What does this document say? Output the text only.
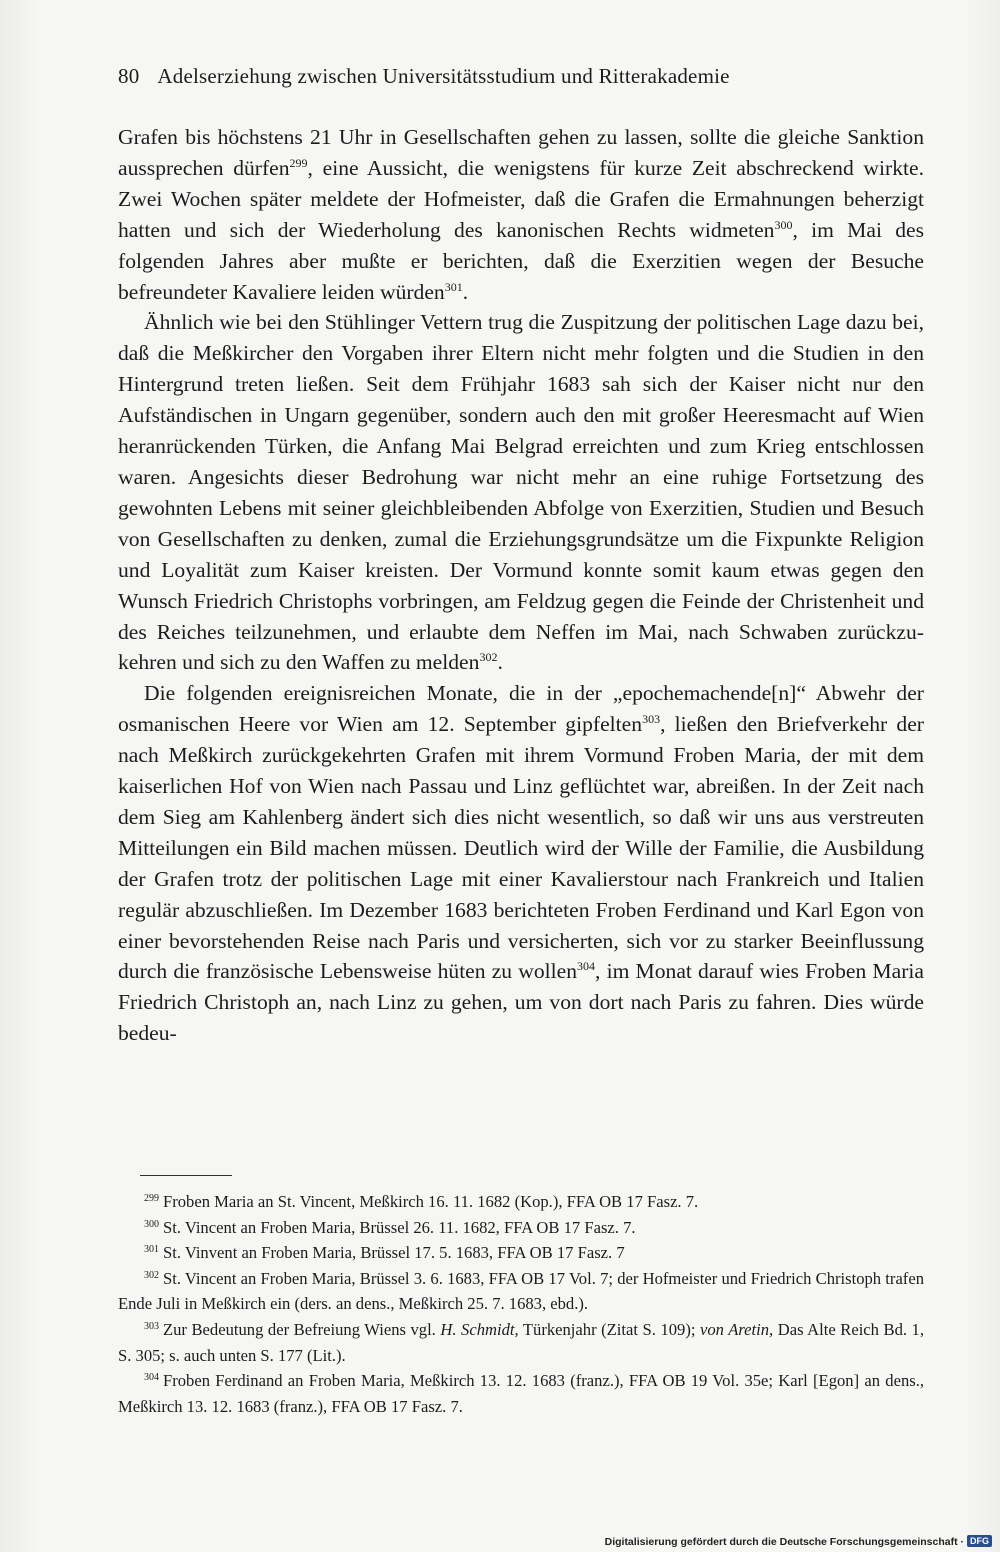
80 Adelserziehung zwischen Universitätsstudium und Ritterakademie

Grafen bis höchstens 21 Uhr in Gesellschaften gehen zu lassen, sollte die gleiche Sanktion aussprechen dürfen$^{299}$, eine Aussicht, die wenigstens für kurze Zeit abschreckend wirkte. Zwei Wochen später meldete der Hofmeister, daß die Grafen die Ermahnungen beherzigt hatten und sich der Wiederholung des kanonischen Rechts widmeten$^{300}$, im Mai des folgenden Jahres aber mußte er berichten, daß die Exerzitien wegen der Besuche befreundeter Kavaliere leiden würden$^{301}$.

Ähnlich wie bei den Stühlinger Vettern trug die Zuspitzung der politischen Lage dazu bei, daß die Meßkircher den Vorgaben ihrer Eltern nicht mehr folgten und die Studien in den Hintergrund treten ließen. Seit dem Frühjahr 1683 sah sich der Kaiser nicht nur den Aufständischen in Ungarn gegenüber, sondern auch den mit großer Heeresmacht auf Wien heranrückenden Türken, die Anfang Mai Belgrad erreichten und zum Krieg entschlossen waren. Angesichts dieser Bedrohung war nicht mehr an eine ruhige Fortsetzung des gewohnten Lebens mit seiner gleichbleibenden Abfolge von Exerzitien, Studien und Besuch von Gesellschaften zu denken, zumal die Erziehungsgrundsätze um die Fixpunkte Religion und Loyalität zum Kaiser kreisten. Der Vormund konnte somit kaum etwas gegen den Wunsch Friedrich Christophs vorbringen, am Feldzug gegen die Feinde der Christenheit und des Reiches teilzunehmen, und erlaubte dem Neffen im Mai, nach Schwaben zurückzukehren und sich zu den Waffen zu melden$^{302}$.

Die folgenden ereignisreichen Monate, die in der „epochemachende[n]“ Abwehr der osmanischen Heere vor Wien am 12. September gipfelten$^{303}$, ließen den Briefverkehr der nach Meßkirch zurückgekehrten Grafen mit ihrem Vormund Froben Maria, der mit dem kaiserlichen Hof von Wien nach Passau und Linz geflüchtet war, abreißen. In der Zeit nach dem Sieg am Kahlenberg ändert sich dies nicht wesentlich, so daß wir uns aus verstreuten Mitteilungen ein Bild machen müssen. Deutlich wird der Wille der Familie, die Ausbildung der Grafen trotz der politischen Lage mit einer Kavalierstour nach Frankreich und Italien regulär abzuschließen. Im Dezember 1683 berichteten Froben Ferdinand und Karl Egon von einer bevorstehenden Reise nach Paris und versicherten, sich vor zu starker Beeinflussung durch die französische Lebensweise hüten zu wollen$^{304}$, im Monat darauf wies Froben Maria Friedrich Christoph an, nach Linz zu gehen, um von dort nach Paris zu fahren. Dies würde bedeu-

$^{299}$ Froben Maria an St. Vincent, Meßkirch 16. 11. 1682 (Kop.), FFA OB 17 Fasz. 7.

$^{300}$ St. Vincent an Froben Maria, Brüssel 26. 11. 1682, FFA OB 17 Fasz. 7.

$^{301}$ St. Vinvent an Froben Maria, Brüssel 17. 5. 1683, FFA OB 17 Fasz. 7

$^{302}$ St. Vincent an Froben Maria, Brüssel 3. 6. 1683, FFA OB 17 Vol. 7; der Hofmeister und Friedrich Christoph trafen Ende Juli in Meßkirch ein (ders. an dens., Meßkirch 25. 7. 1683, ebd.).

$^{303}$ Zur Bedeutung der Befreiung Wiens vgl. H. Schmidt, Türkenjahr (Zitat S. 109); von Aretin, Das Alte Reich Bd. 1, S. 305; s. auch unten S. 177 (Lit.).

$^{304}$ Froben Ferdinand an Froben Maria, Meßkirch 13. 12. 1683 (franz.), FFA OB 19 Vol. 35e; Karl [Egon] an dens., Meßkirch 13. 12. 1683 (franz.), FFA OB 17 Fasz. 7.

Digitalisierung gefördert durch die Deutsche Forschungsgemeinschaft · DFG
